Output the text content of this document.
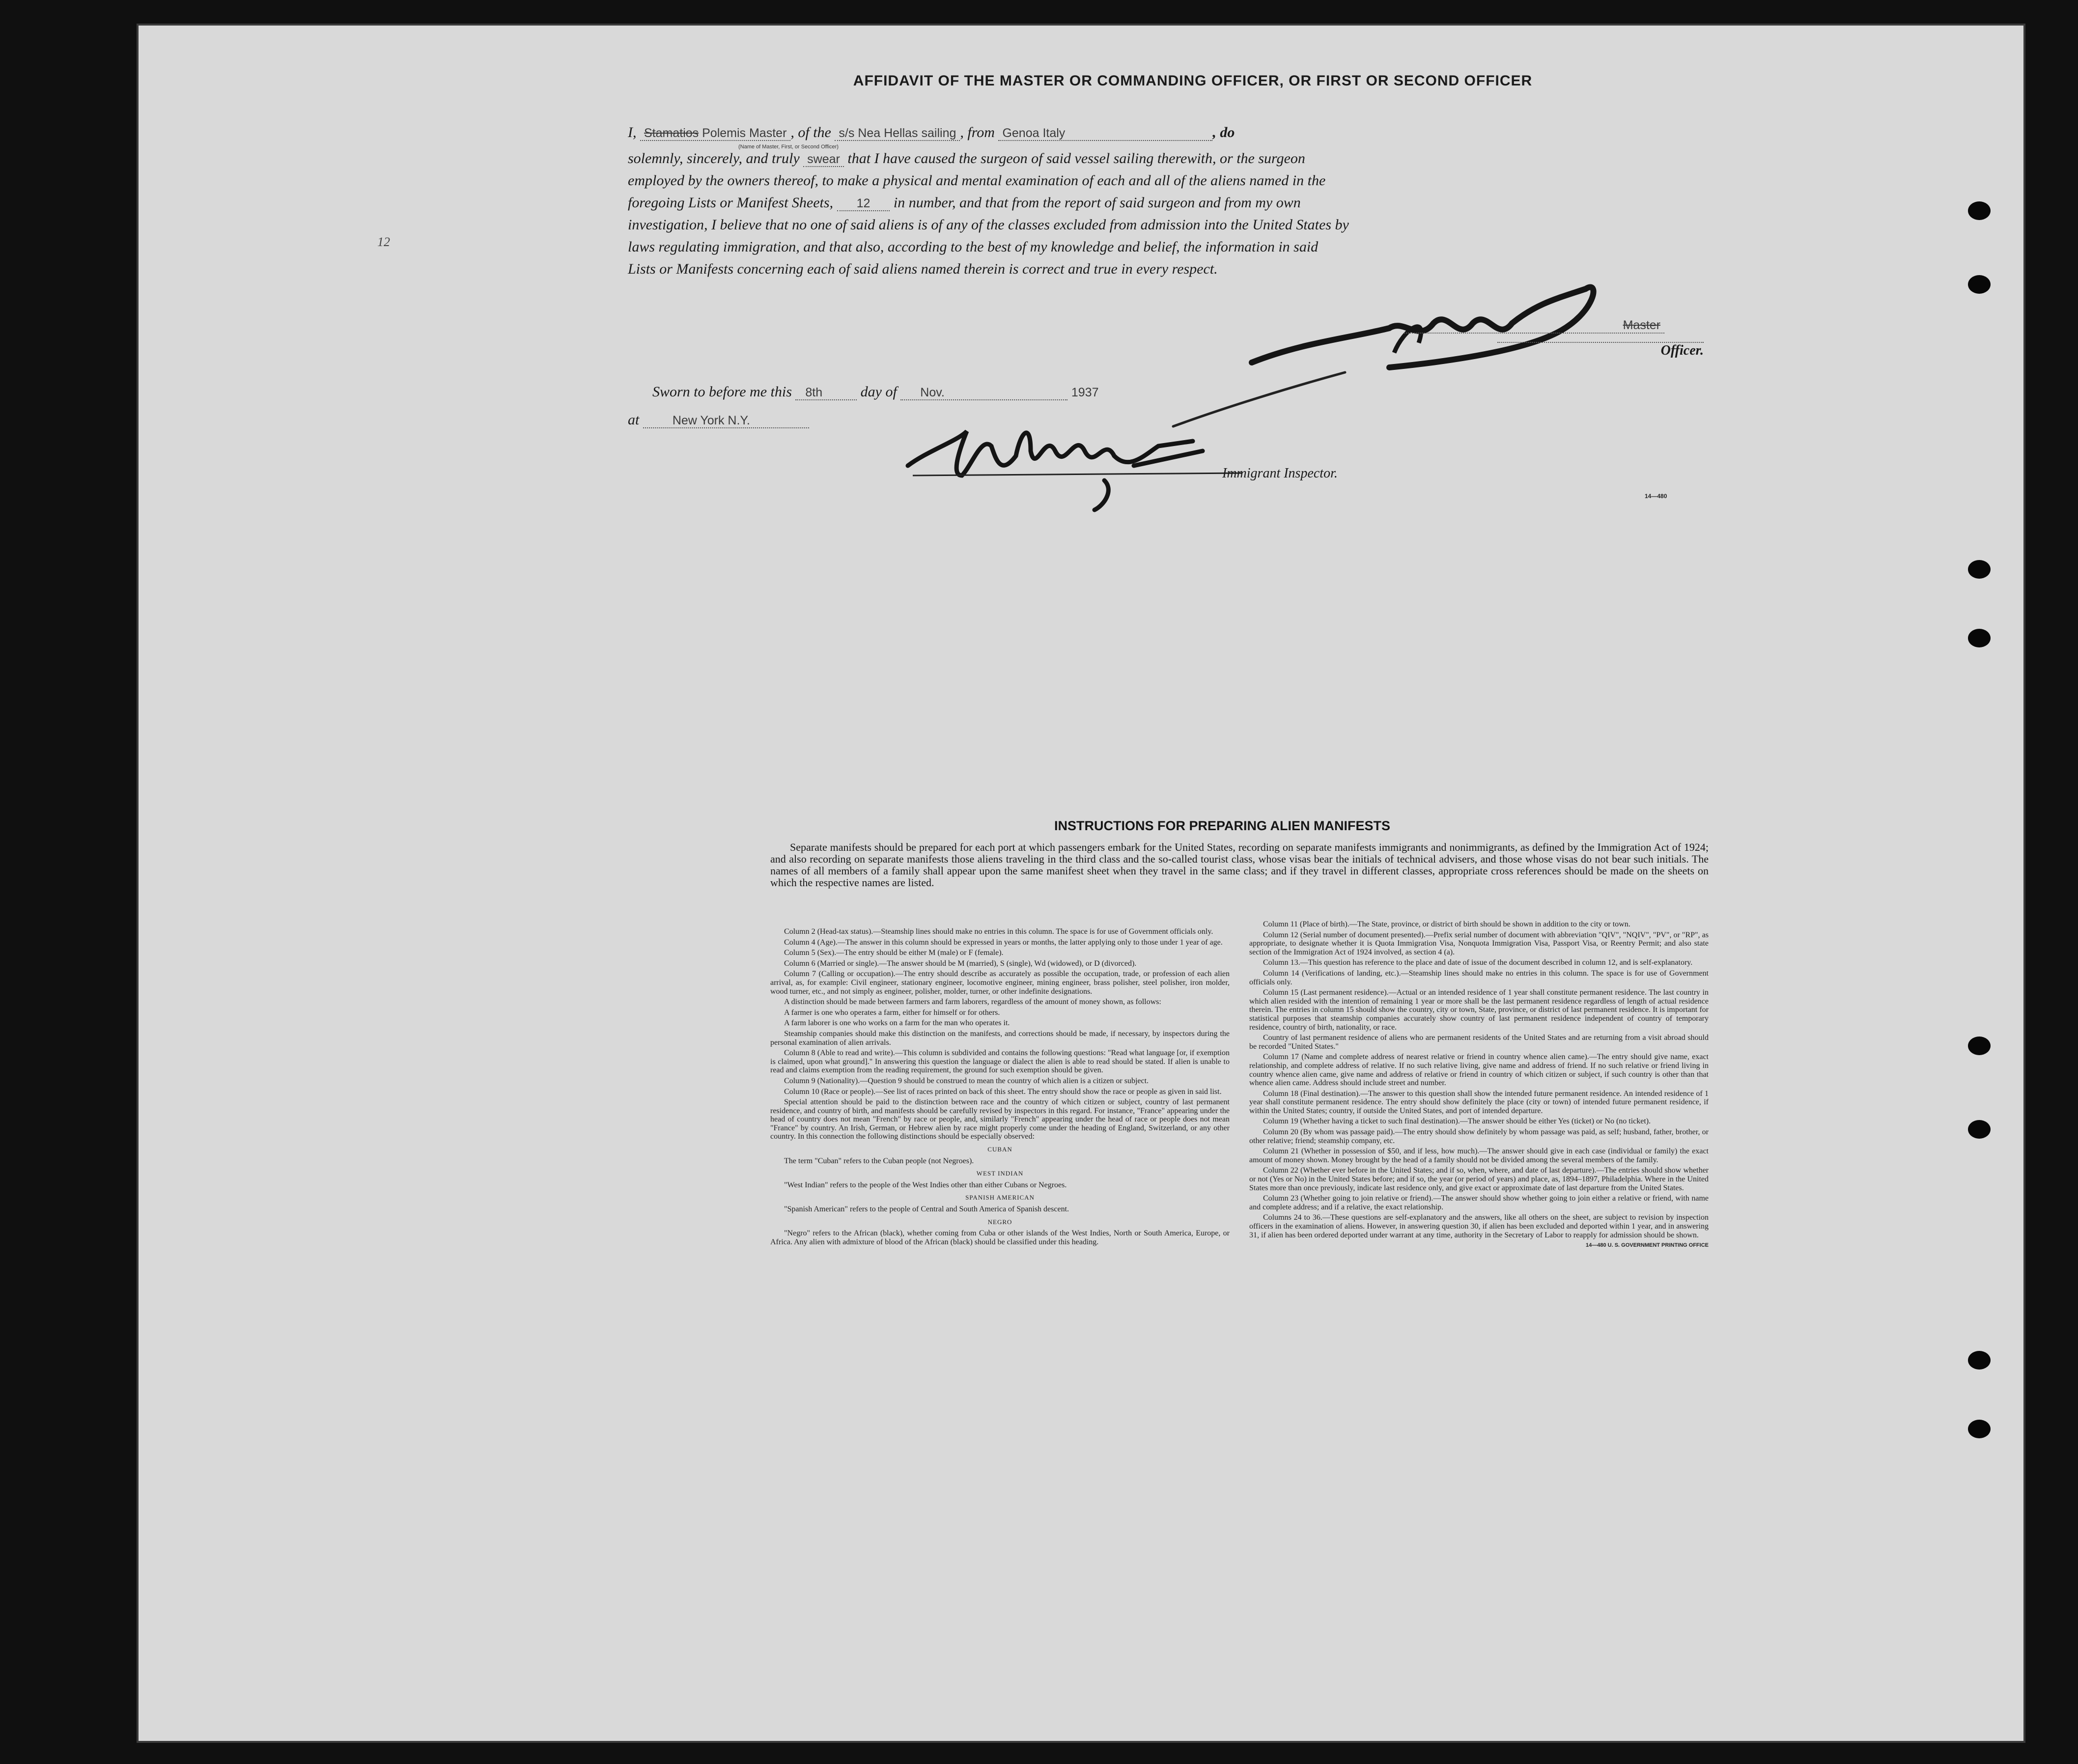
12
AFFIDAVIT OF THE MASTER OR COMMANDING OFFICER, OR FIRST OR SECOND OFFICER
I, Stamatios Polemis Master , of the s/s Nea Hellas sailing , from Genoa Italy	, do
(Name of Master, First, or Second Officer)
solemnly, sincerely, and truly swear that I have caused the surgeon of said vessel sailing therewith, or the surgeon
employed by the owners thereof, to make a physical and mental examination of each and all of the aliens named in the
foregoing Lists or Manifest Sheets, 12 in number, and that from the report of said surgeon and from my own
investigation, I believe that no one of said aliens is of any of the classes excluded from admission into the United States by
laws regulating immigration, and that also, according to the best of my knowledge and belief, the information in said
Lists or Manifests concerning each of said aliens named therein is correct and true in every respect.
Master
Officer.
Sworn to before me this 8th	day of Nov.	1937
at	New York N.Y.
Immigrant Inspector.
14—480
INSTRUCTIONS FOR PREPARING ALIEN MANIFESTS
Separate manifests should be prepared for each port at which passengers embark for the United States, recording on separate manifests immigrants and nonimmigrants, as defined by the Immigration Act of 1924; and also recording on separate manifests those aliens traveling in the third class and the so-called tourist class, whose visas bear the initials of technical advisers, and those whose visas do not bear such initials. The names of all members of a family shall appear upon the same manifest sheet when they travel in the same class; and if they travel in different classes, appropriate cross references should be made on the sheets on which the respective names are listed.

Column 2 (Head-tax status).—Steamship lines should make no entries in this column. The space is for use of Government officials only.

Column 4 (Age).—The answer in this column should be expressed in years or months, the latter applying only to those under 1 year of age.

Column 5 (Sex).—The entry should be either M (male) or F (female).

Column 6 (Married or single).—The answer should be M (married), S (single), Wd (widowed), or D (divorced).

Column 7 (Calling or occupation).—The entry should describe as accurately as possible the occupation, trade, or profession of each alien arrival, as, for example: Civil engineer, stationary engineer, locomotive engineer, mining engineer, brass polisher, steel polisher, iron molder, wood turner, etc., and not simply as engineer, polisher, molder, turner, or other indefinite designations.

A distinction should be made between farmers and farm laborers, regardless of the amount of money shown, as follows:

A farmer is one who operates a farm, either for himself or for others.

A farm laborer is one who works on a farm for the man who operates it.

Steamship companies should make this distinction on the manifests, and corrections should be made, if necessary, by inspectors during the personal examination of alien arrivals.

Column 8 (Able to read and write).—This column is subdivided and contains the following questions: "Read what language [or, if exemption is claimed, upon what ground]." In answering this question the language or dialect the alien is able to read should be stated. If alien is unable to read and claims exemption from the reading requirement, the ground for such exemption should be given.

Column 9 (Nationality).—Question 9 should be construed to mean the country of which alien is a citizen or subject.

Column 10 (Race or people).—See list of races printed on back of this sheet. The entry should show the race or people as given in said list.

Special attention should be paid to the distinction between race and the country of which citizen or subject, country of last permanent residence, and country of birth, and manifests should be carefully revised by inspectors in this regard. For instance, "France" appearing under the head of country does not mean "French" by race or people, and, similarly "French" appearing under the head of race or people does not mean "France" by country. An Irish, German, or Hebrew alien by race might properly come under the heading of England, Switzerland, or any other country. In this connection the following distinctions should be especially observed:

CUBAN

The term "Cuban" refers to the Cuban people (not Negroes).

WEST INDIAN

"West Indian" refers to the people of the West Indies other than either Cubans or Negroes.

SPANISH AMERICAN

"Spanish American" refers to the people of Central and South America of Spanish descent.

NEGRO

"Negro" refers to the African (black), whether coming from Cuba or other islands of the West Indies, North or South America, Europe, or Africa. Any alien with admixture of blood of the African (black) should be classified under this heading.

Column 11 (Place of birth).—The State, province, or district of birth should be shown in addition to the city or town.

Column 12 (Serial number of document presented).—Prefix serial number of document with abbreviation "QIV", "NQIV", "PV", or "RP", as appropriate, to designate whether it is Quota Immigration Visa, Nonquota Immigration Visa, Passport Visa, or Reentry Permit; and also state section of the Immigration Act of 1924 involved, as section 4 (a).

Column 13.—This question has reference to the place and date of issue of the document described in column 12, and is self-explanatory.

Column 14 (Verifications of landing, etc.).—Steamship lines should make no entries in this column. The space is for use of Government officials only.

Column 15 (Last permanent residence).—Actual or an intended residence of 1 year shall constitute permanent residence. The last country in which alien resided with the intention of remaining 1 year or more shall be the last permanent residence regardless of length of actual residence therein. The entries in column 15 should show the country, city or town, State, province, or district of last permanent residence. It is important for statistical purposes that steamship companies accurately show country of last permanent residence independent of country of temporary residence, country of birth, nationality, or race.

Country of last permanent residence of aliens who are permanent residents of the United States and are returning from a visit abroad should be recorded "United States."

Column 17 (Name and complete address of nearest relative or friend in country whence alien came).—The entry should give name, exact relationship, and complete address of relative. If no such relative living, give name and address of friend. If no such relative or friend living in country whence alien came, give name and address of relative or friend in country of which citizen or subject, if such country is other than that whence alien came. Address should include street and number.

Column 18 (Final destination).—The answer to this question shall show the intended future permanent residence. An intended residence of 1 year shall constitute permanent residence. The entry should show definitely the place (city or town) of intended future permanent residence, if within the United States; country, if outside the United States, and port of intended departure.

Column 19 (Whether having a ticket to such final destination).—The answer should be either Yes (ticket) or No (no ticket).

Column 20 (By whom was passage paid).—The entry should show definitely by whom passage was paid, as self; husband, father, brother, or other relative; friend; steamship company, etc.

Column 21 (Whether in possession of $50, and if less, how much).—The answer should give in each case (individual or family) the exact amount of money shown. Money brought by the head of a family should not be divided among the several members of the family.

Column 22 (Whether ever before in the United States; and if so, when, where, and date of last departure).—The entries should show whether or not (Yes or No) in the United States before; and if so, the year (or period of years) and place, as, 1894–1897, Philadelphia. Where in the United States more than once previously, indicate last residence only, and give exact or approximate date of last departure from the United States.

Column 23 (Whether going to join relative or friend).—The answer should show whether going to join either a relative or friend, with name and complete address; and if a relative, the exact relationship.

Columns 24 to 36.—These questions are self-explanatory and the answers, like all others on the sheet, are subject to revision by inspection officers in the examination of aliens. However, in answering question 30, if alien has been excluded and deported within 1 year, and in answering 31, if alien has been ordered deported under warrant at any time, authority in the Secretary of Labor to reapply for admission should be shown.

14—480 U. S. GOVERNMENT PRINTING OFFICE
